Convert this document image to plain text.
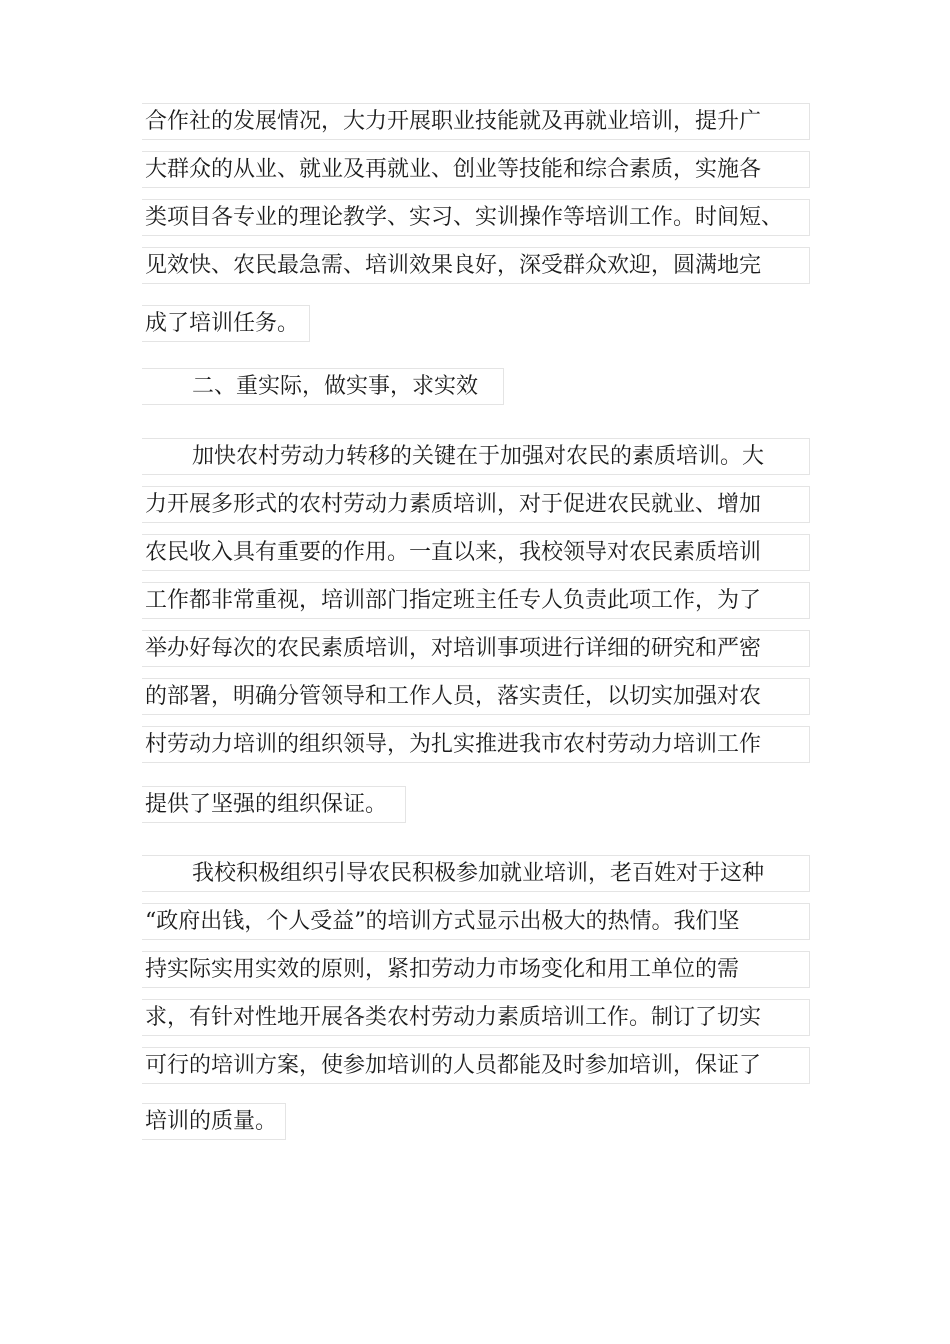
合作社的发展情况，大力开展职业技能就及再就业培训，提升广
大群众的从业、就业及再就业、创业等技能和综合素质，实施各
类项目各专业的理论教学、实习、实训操作等培训工作。时间短、
见效快、农民最急需、培训效果良好，深受群众欢迎，圆满地完
成了培训任务。
二、重实际，做实事，求实效
加快农村劳动力转移的关键在于加强对农民的素质培训。大
力开展多形式的农村劳动力素质培训，对于促进农民就业、增加
农民收入具有重要的作用。一直以来，我校领导对农民素质培训
工作都非常重视，培训部门指定班主任专人负责此项工作，为了
举办好每次的农民素质培训，对培训事项进行详细的研究和严密
的部署，明确分管领导和工作人员，落实责任，以切实加强对农
村劳动力培训的组织领导，为扎实推进我市农村劳动力培训工作
提供了坚强的组织保证。
我校积极组织引导农民积极参加就业培训，老百姓对于这种
“政府出钱，个人受益”的培训方式显示出极大的热情。我们坚
持实际实用实效的原则，紧扣劳动力市场变化和用工单位的需
求，有针对性地开展各类农村劳动力素质培训工作。制订了切实
可行的培训方案，使参加培训的人员都能及时参加培训，保证了
培训的质量。
